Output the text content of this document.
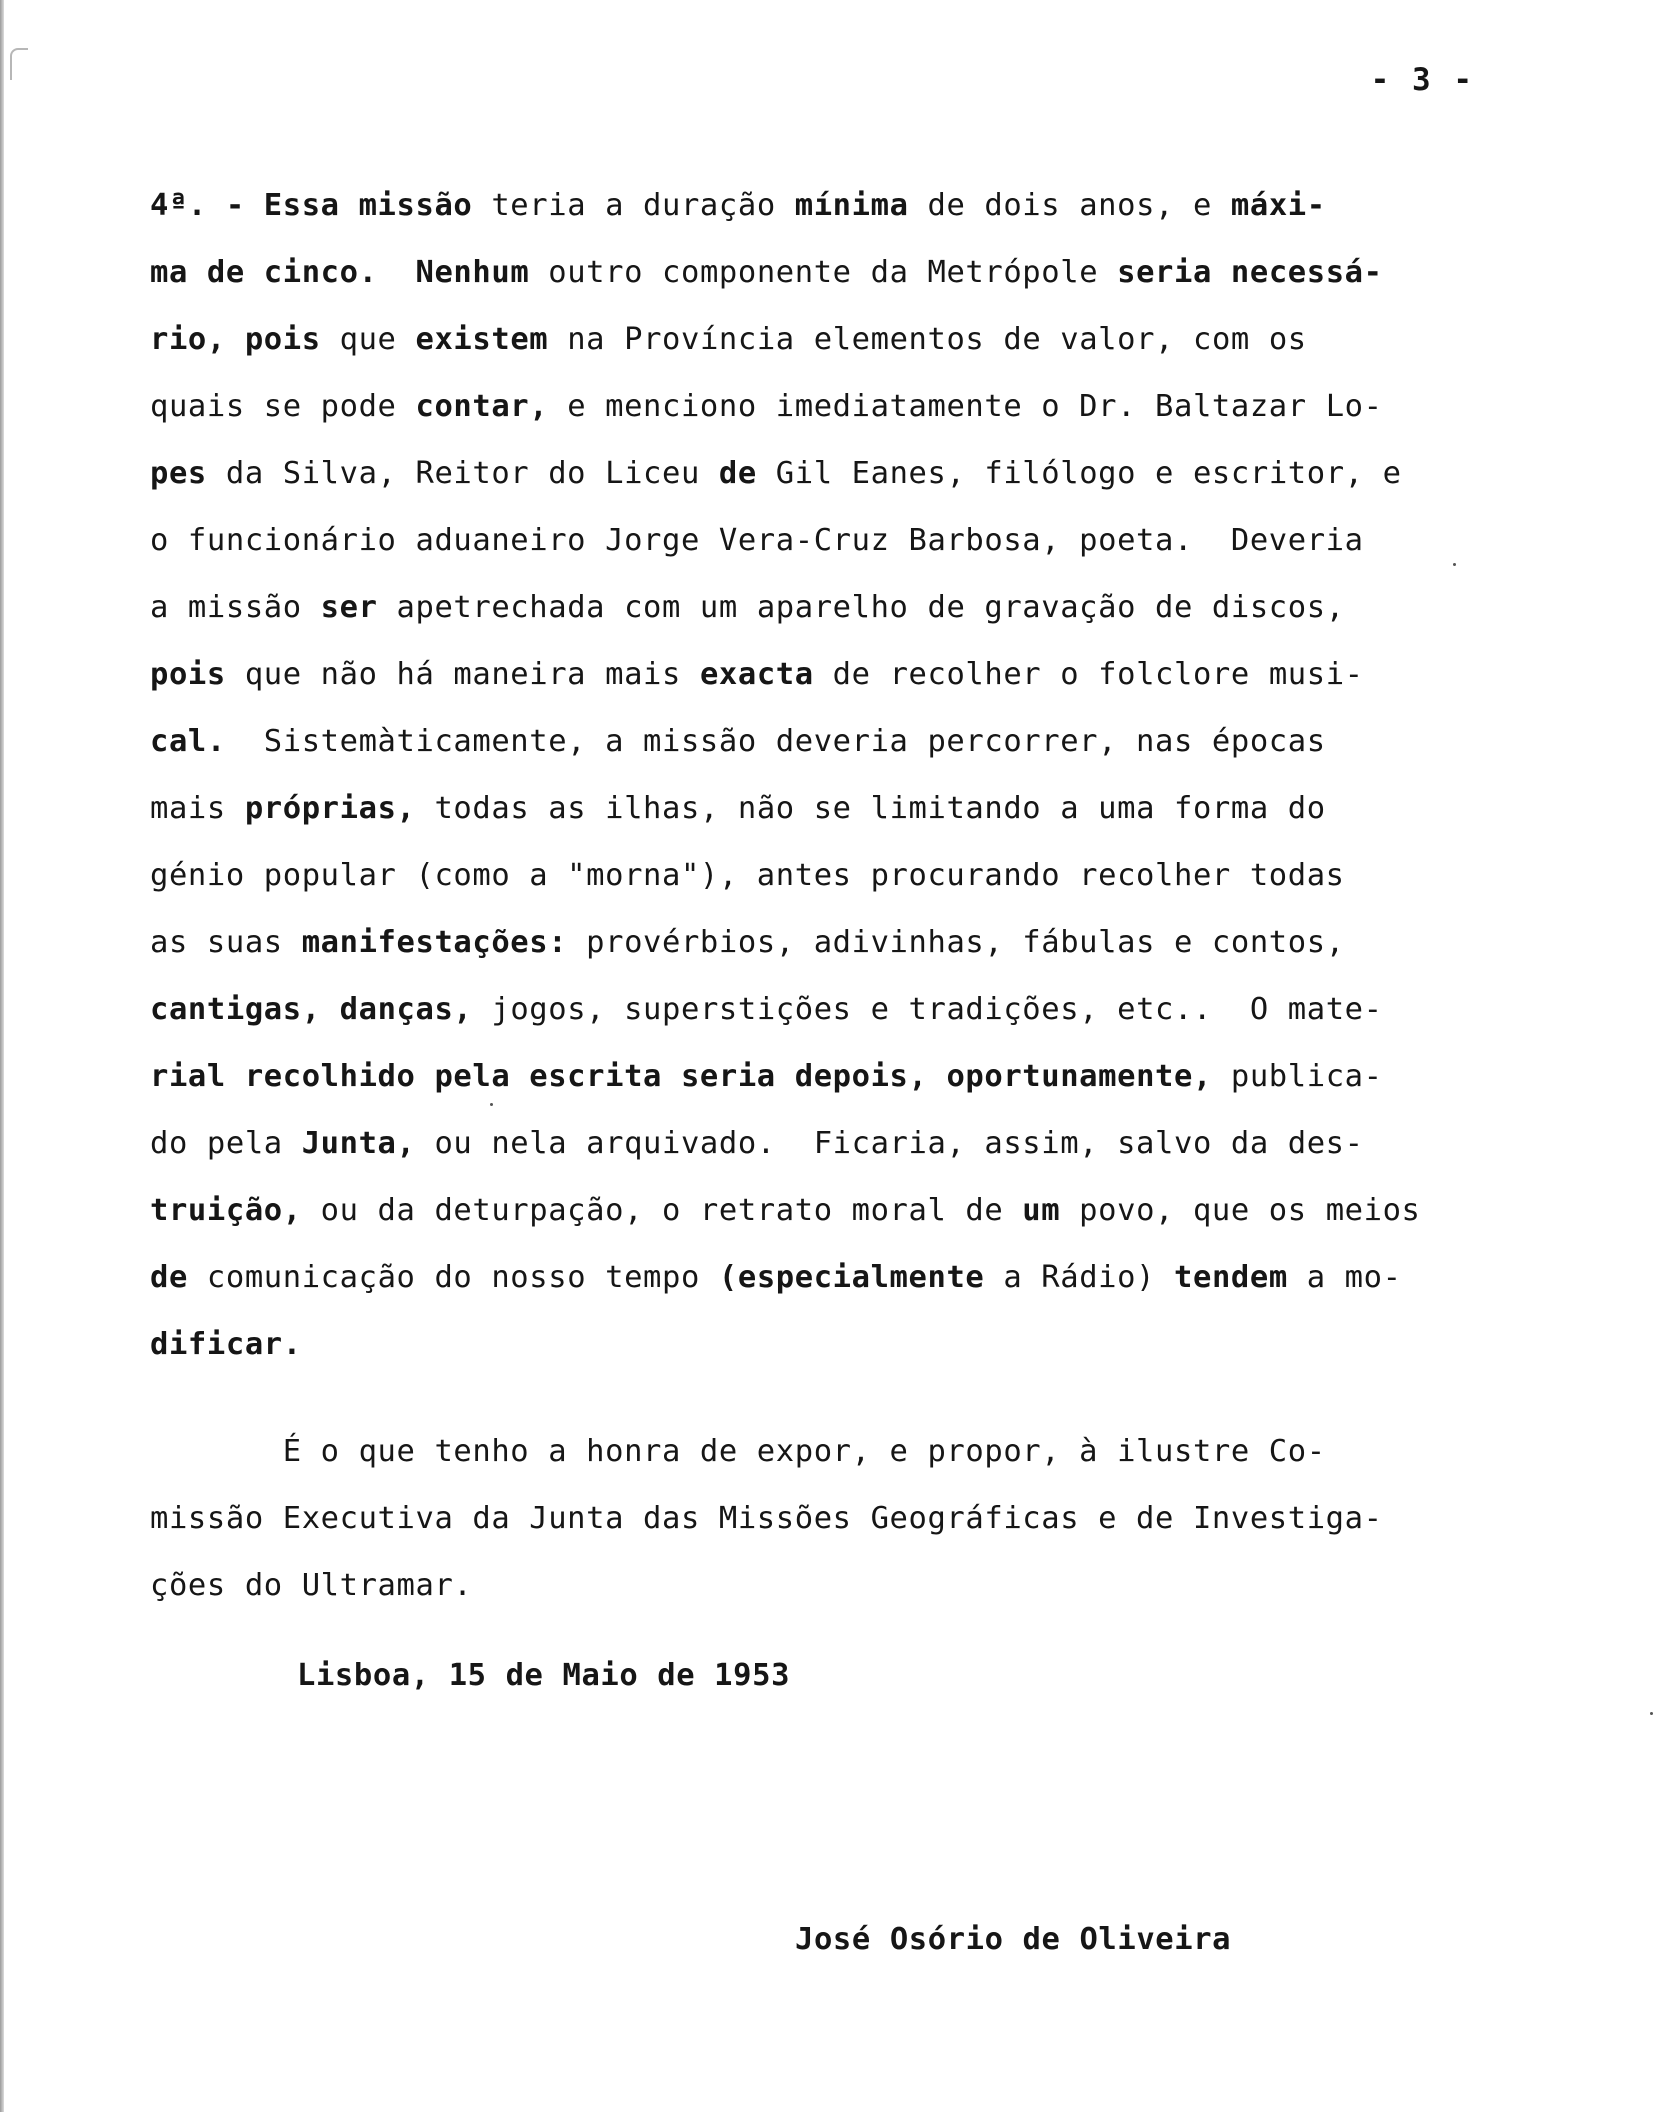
- 3 -
4ª. - Essa missão teria a duração mínima de dois anos, e máxi-
ma de cinco. Nenhum outro componente da Metrópole seria necessá-
rio, pois que existem na Província elementos de valor, com os
quais se pode contar, e menciono imediatamente o Dr. Baltazar Lo-
pes da Silva, Reitor do Liceu de Gil Eanes, filólogo e escritor, e
o funcionário aduaneiro Jorge Vera-Cruz Barbosa, poeta.  Deveria
a missão ser apetrechada com um aparelho de gravação de discos,
pois que não há maneira mais exacta de recolher o folclore musi-
cal.  Sistemàticamente, a missão deveria percorrer, nas épocas
mais próprias, todas as ilhas, não se limitando a uma forma do
génio popular (como a "morna"), antes procurando recolher todas
as suas manifestações: provérbios, adivinhas, fábulas e contos,
cantigas, danças, jogos, superstições e tradições, etc..  O mate-
rial recolhido pela escrita seria depois, oportunamente, publica-
do pela Junta, ou nela arquivado.  Ficaria, assim, salvo da des-
truição, ou da deturpação, o retrato moral de um povo, que os meios
de comunicação do nosso tempo (especialmente a Rádio) tendem a mo-
dificar.
É o que tenho a honra de expor, e propor, à ilustre Co-
missão Executiva da Junta das Missões Geográficas e de Investiga-
ções do Ultramar.
Lisboa, 15 de Maio de 1953
José Osório de Oliveira
